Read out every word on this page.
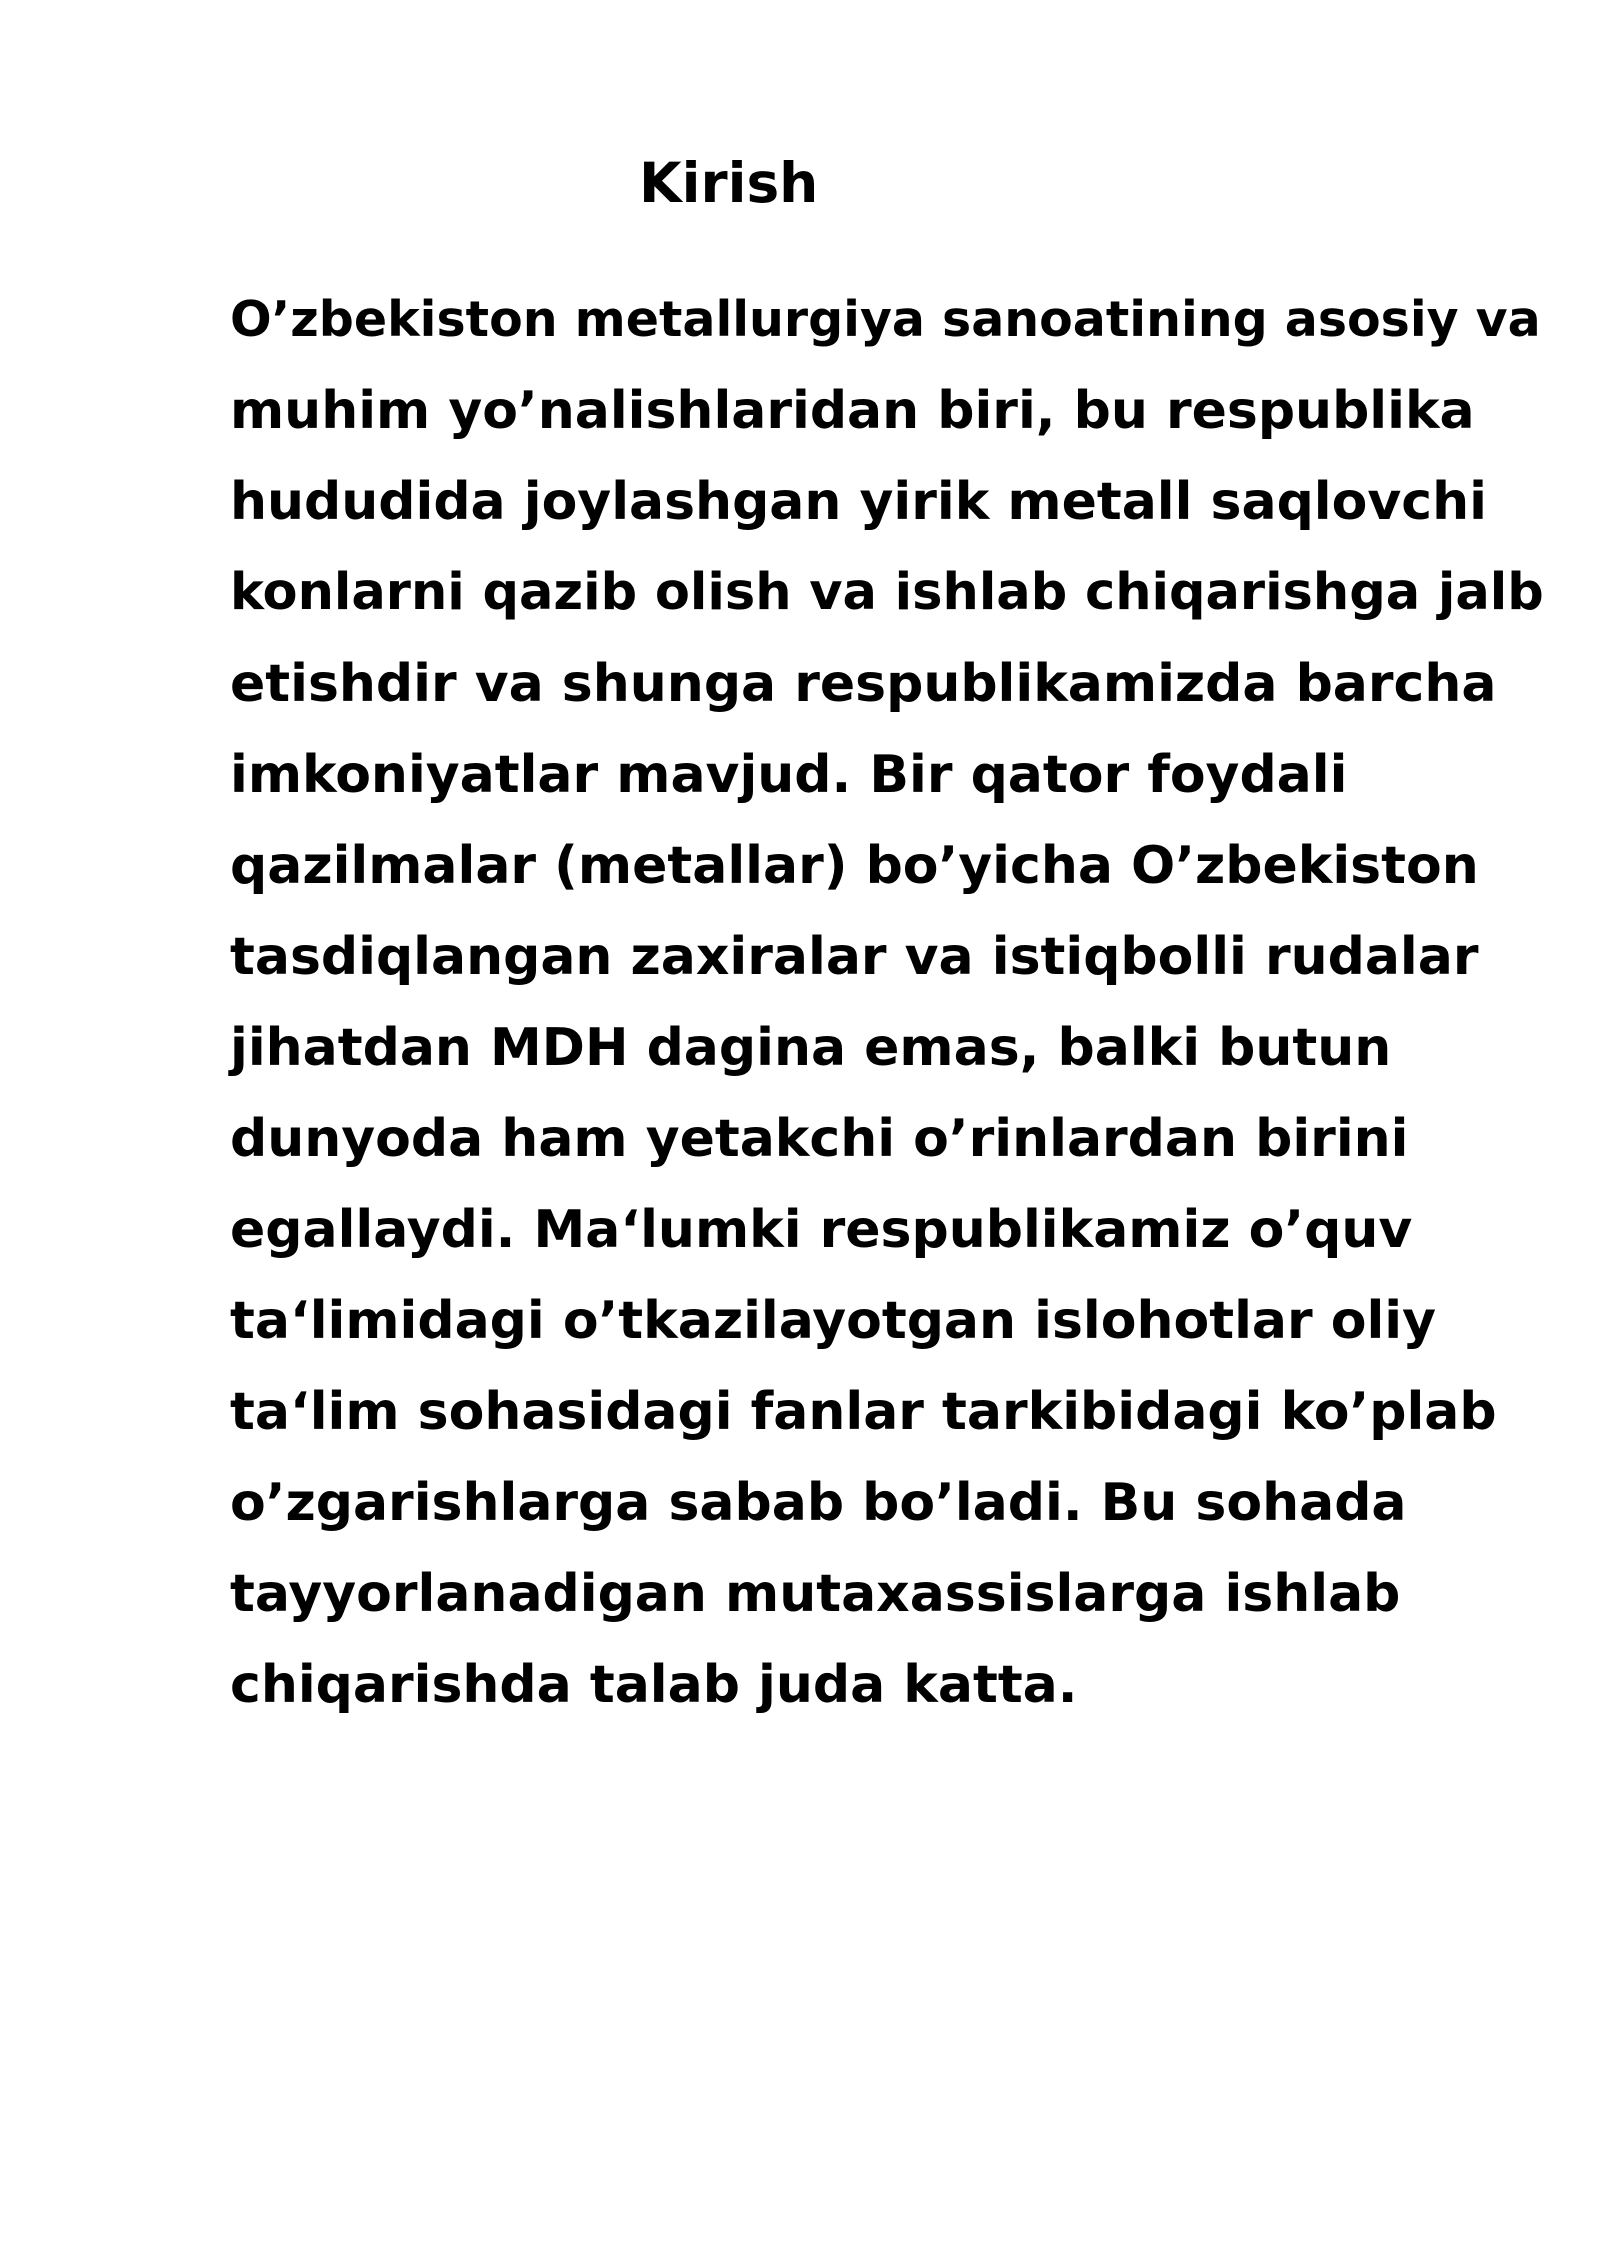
Kirish
O’zbekiston metallurgiya sanoatining asosiy va
muhim yo’nalishlaridan biri, bu respublika
hududida joylashgan yirik metall saqlovchi
konlarni qazib olish va ishlab chiqarishga jalb
etishdir va shunga respublikamizda barcha
imkoniyatlar mavjud. Bir qator foydali
qazilmalar (metallar) bo’yicha O’zbekiston
tasdiqlangan zaxiralar va istiqbolli rudalar
jihatdan MDH dagina emas, balki butun
dunyoda ham yetakchi o’rinlardan birini
egallaydi. Ma‘lumki respublikamiz o’quv
ta‘limidagi o’tkazilayotgan islohotlar oliy
ta‘lim sohasidagi fanlar tarkibidagi ko’plab
o’zgarishlarga sabab bo’ladi. Bu sohada
tayyorlanadigan mutaxassislarga ishlab
chiqarishda talab juda katta.
